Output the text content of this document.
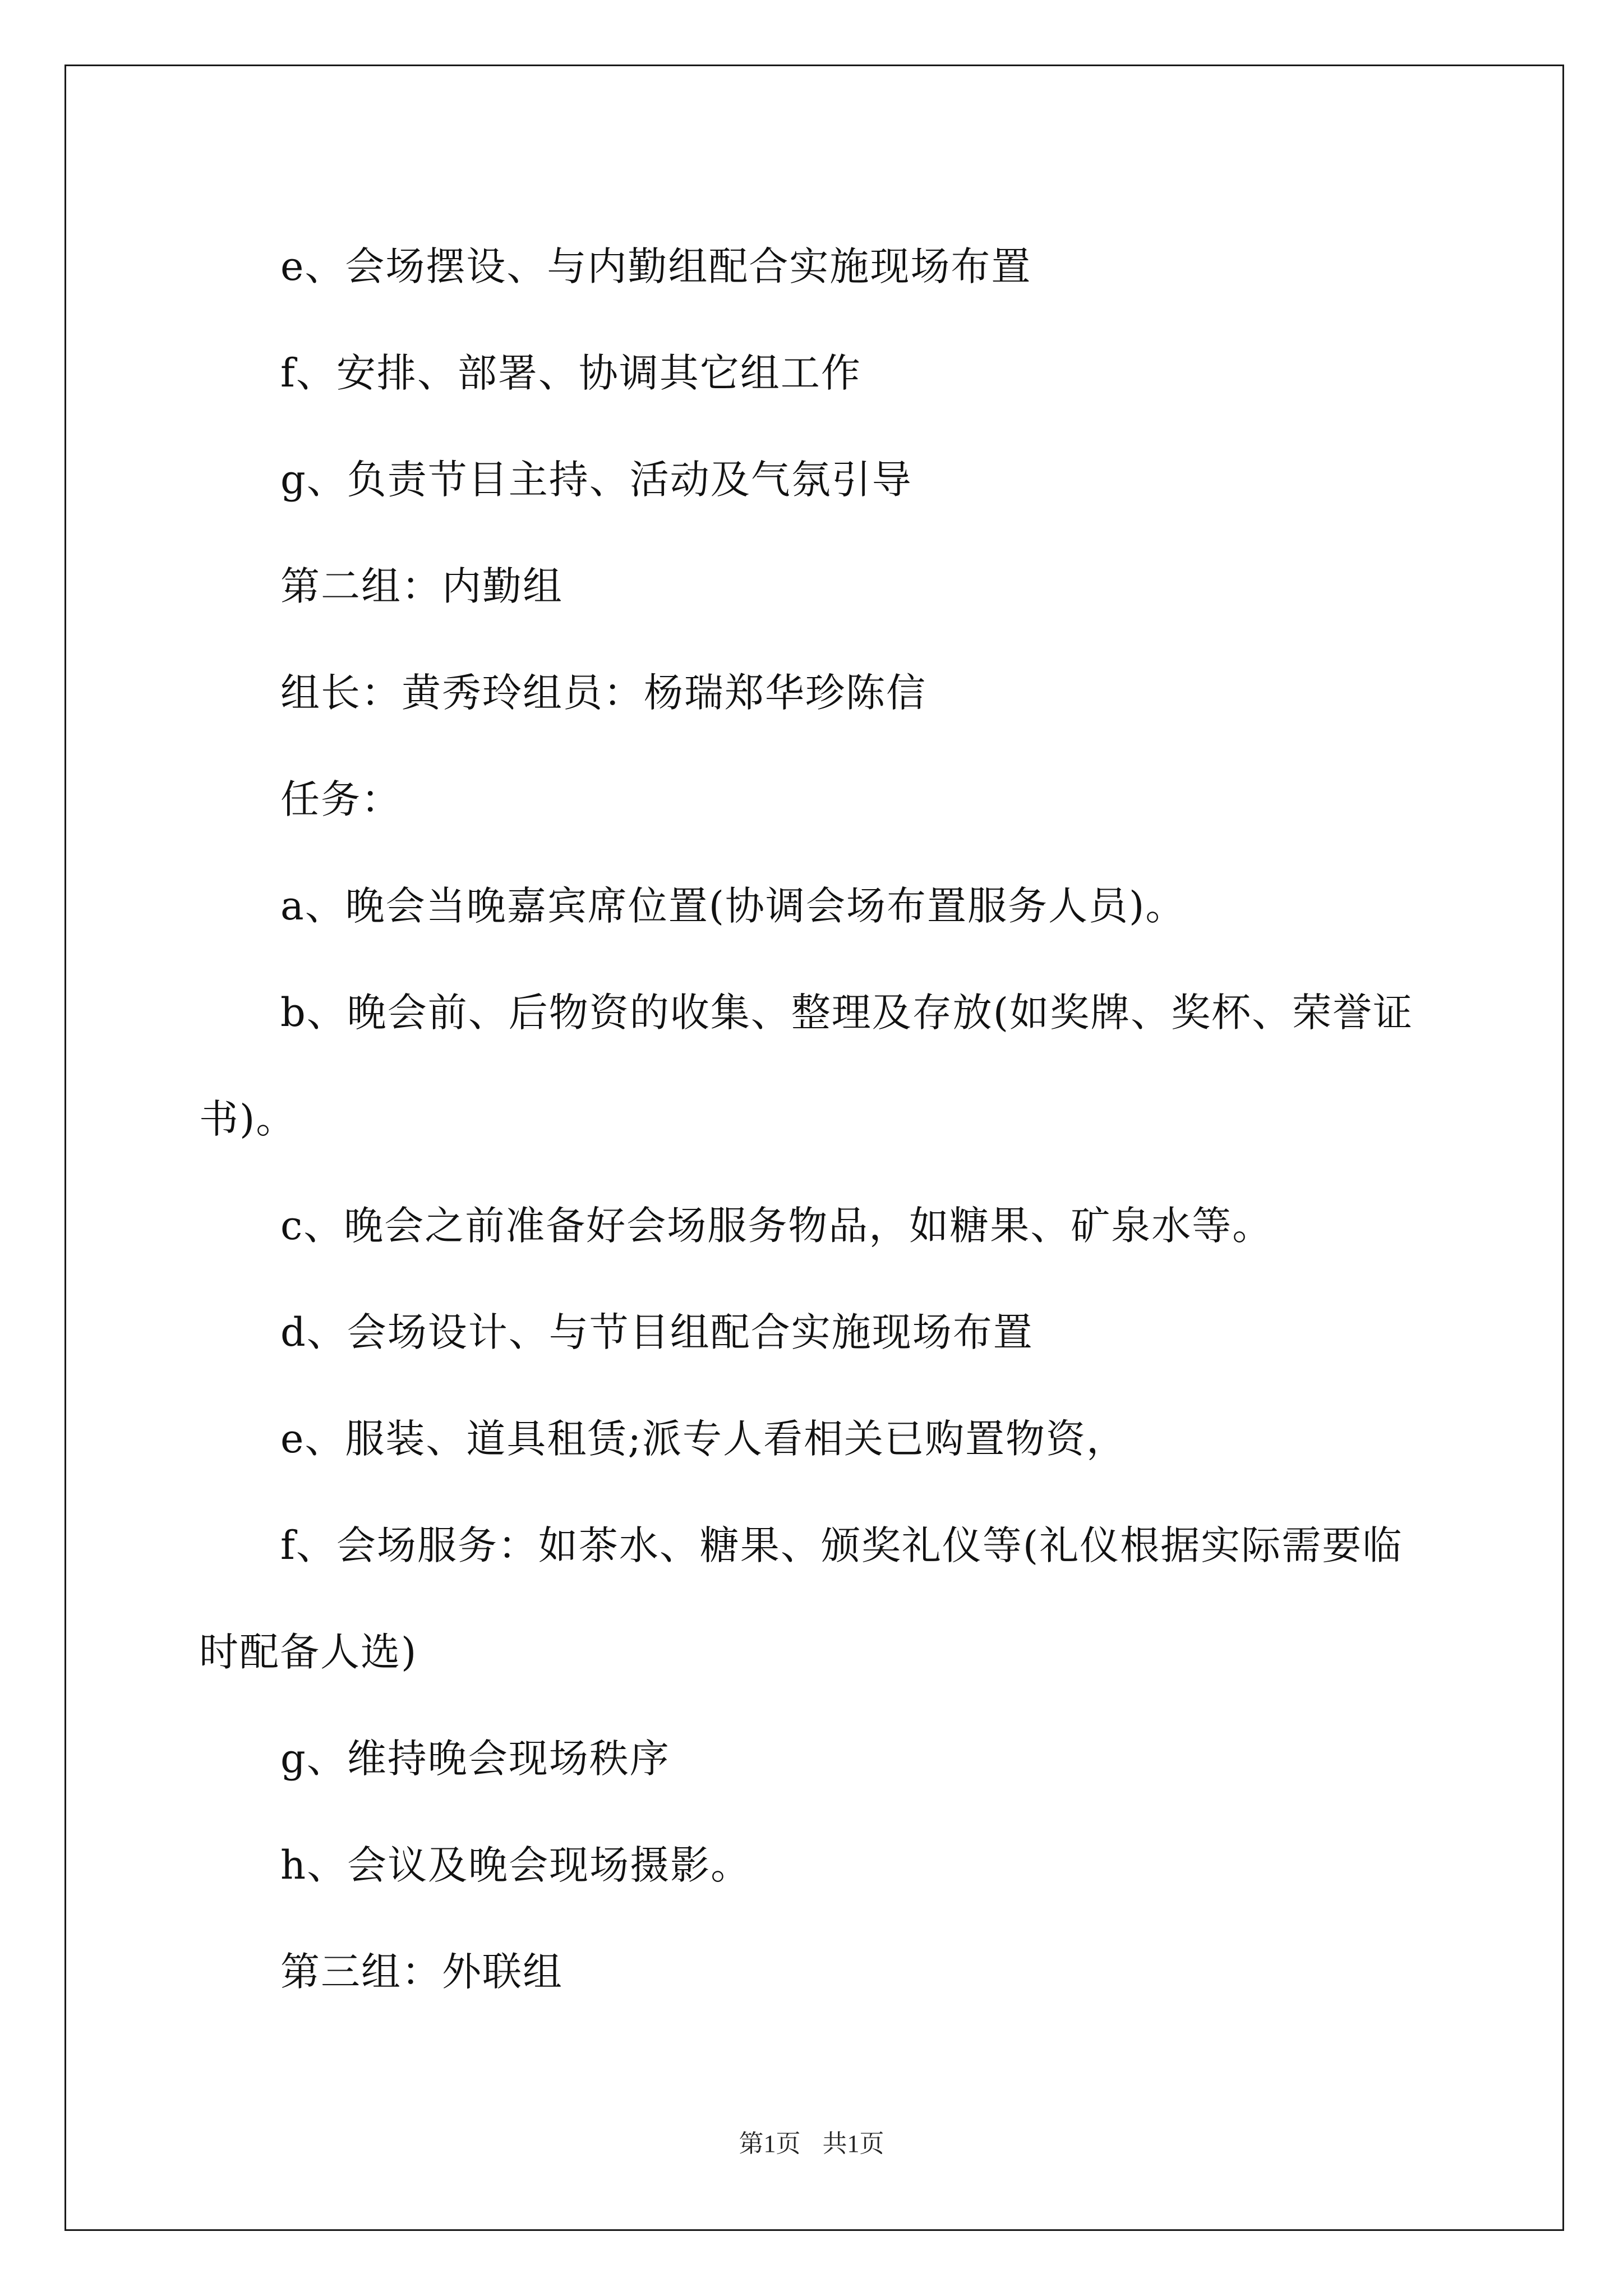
e、会场摆设、与内勤组配合实施现场布置

f、安排、部署、协调其它组工作

g、负责节目主持、活动及气氛引导

第二组：内勤组

组长：黄秀玲组员：杨瑞郑华珍陈信

任务：

a、晚会当晚嘉宾席位置(协调会场布置服务人员)。

b、晚会前、后物资的收集、整理及存放(如奖牌、奖杯、荣誉证

书)。

c、晚会之前准备好会场服务物品，如糖果、矿泉水等。

d、会场设计、与节目组配合实施现场布置

e、服装、道具租赁;派专人看相关已购置物资，

f、会场服务：如茶水、糖果、颁奖礼仪等(礼仪根据实际需要临

时配备人选)

g、维持晚会现场秩序

h、会议及晚会现场摄影。

第三组：外联组

第1页 共1页
